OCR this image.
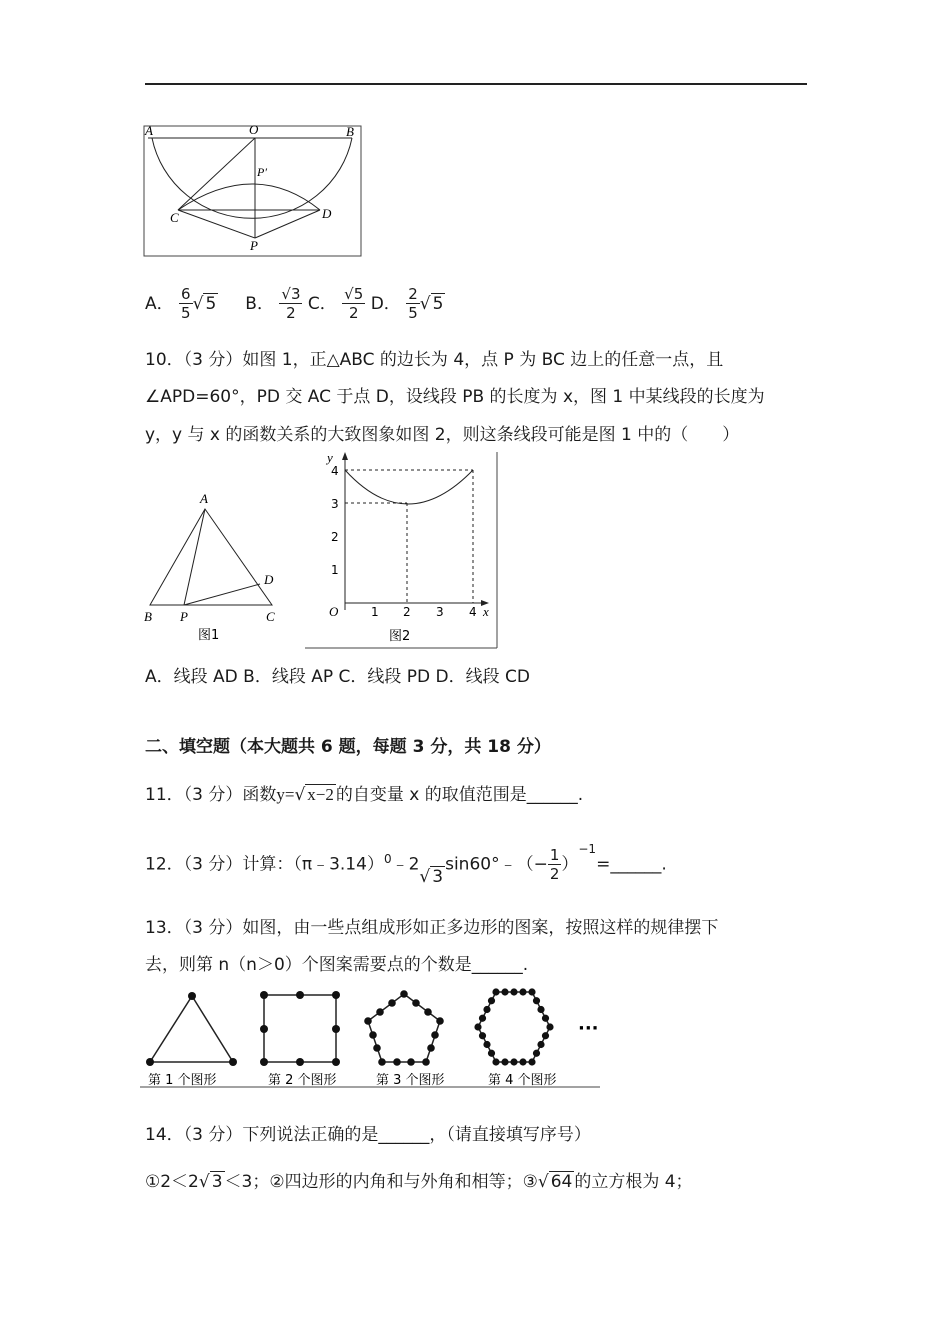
A	O	B
P′
C	D
P
A． $\frac{6}{5}$ √ 5 B． $\frac{√3}{2}$ C． $\frac{√5}{2}$ D． $\frac{2}{5}$ √ 5
10．（3 分）如图 1，正△ABC 的边长为 4，点 P 为 BC 边上的任意一点，且
∠APD=60°，PD 交 AC 于点 D，设线段 PB 的长度为 x，图 1 中某线段的长度为
y，y 与 x 的函数关系的大致图象如图 2，则这条线段可能是图 1 中的（　　）
A
D
B P	C
图1
y
4
3
2
1
O	1 2 3 4 x
图2
A．线段 AD B．线段 AP C．线段 PD D．线段 CD
二、填空题（本大题共 6 题，每题 3 分，共 18 分）
11．（3 分）函数y=√ x−2 的自变量 x 的取值范围是______.
12．（3 分）计算：（π﹣3.14）$^0$﹣2√ 3sin60°﹣（− $\frac{1}{2}$ ）$^{-1}$=______.
13．（3 分）如图，由一些点组成形如正多边形的图案，按照这样的规律摆下
去，则第 n（n＞0）个图案需要点的个数是______.
···
第 1 个图形	第 2 个图形	第 3 个图形	第 4 个图形
14．（3 分）下列说法正确的是______，（请直接填写序号）
①2＜2√ 3 ＜3；②四边形的内角和与外角和相等；③√ 64 的立方根为 4；
